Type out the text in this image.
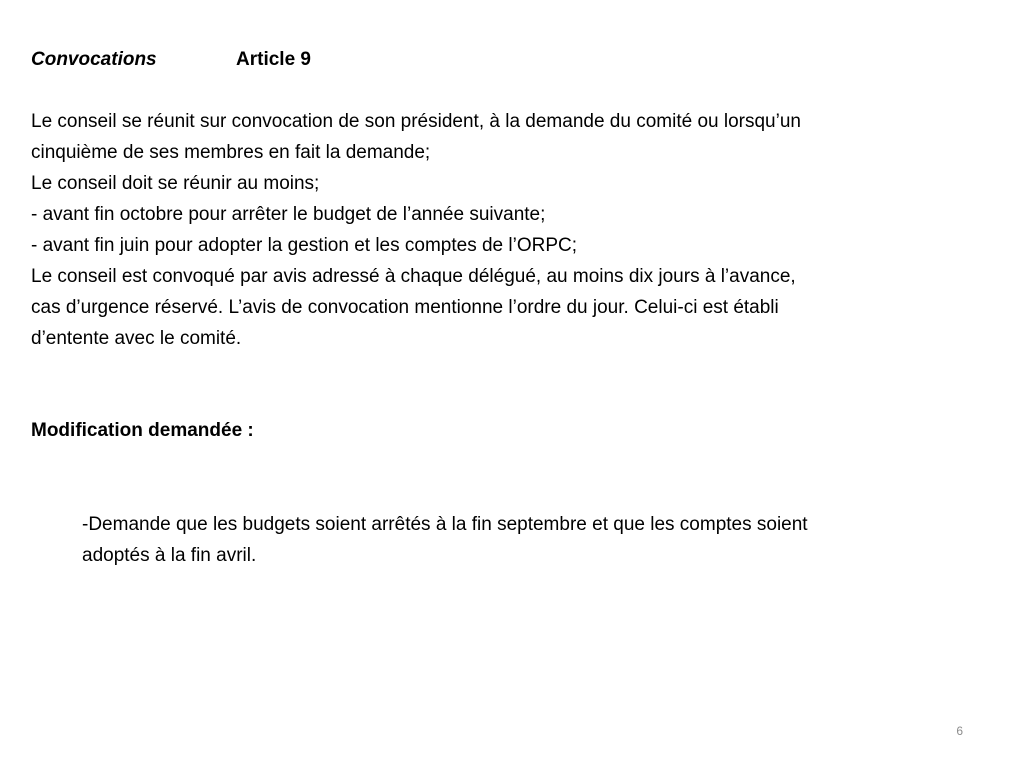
Convocations	Article 9
Le conseil se réunit sur convocation de son président, à la demande du comité ou lorsqu’un
cinquième de ses membres en fait la demande;
Le conseil doit se réunir au moins;
- avant fin octobre pour arrêter le budget de l’année suivante;
- avant fin juin pour adopter la gestion et les comptes de l’ORPC;
Le conseil est convoqué par avis adressé à chaque délégué, au moins dix jours à l’avance,
cas d’urgence réservé. L’avis de convocation mentionne l’ordre du jour. Celui-ci est établi
d’entente avec le comité.
Modification demandée :
-Demande que les budgets soient arrêtés à la fin septembre et que les comptes soient
adoptés à la fin avril.
6
